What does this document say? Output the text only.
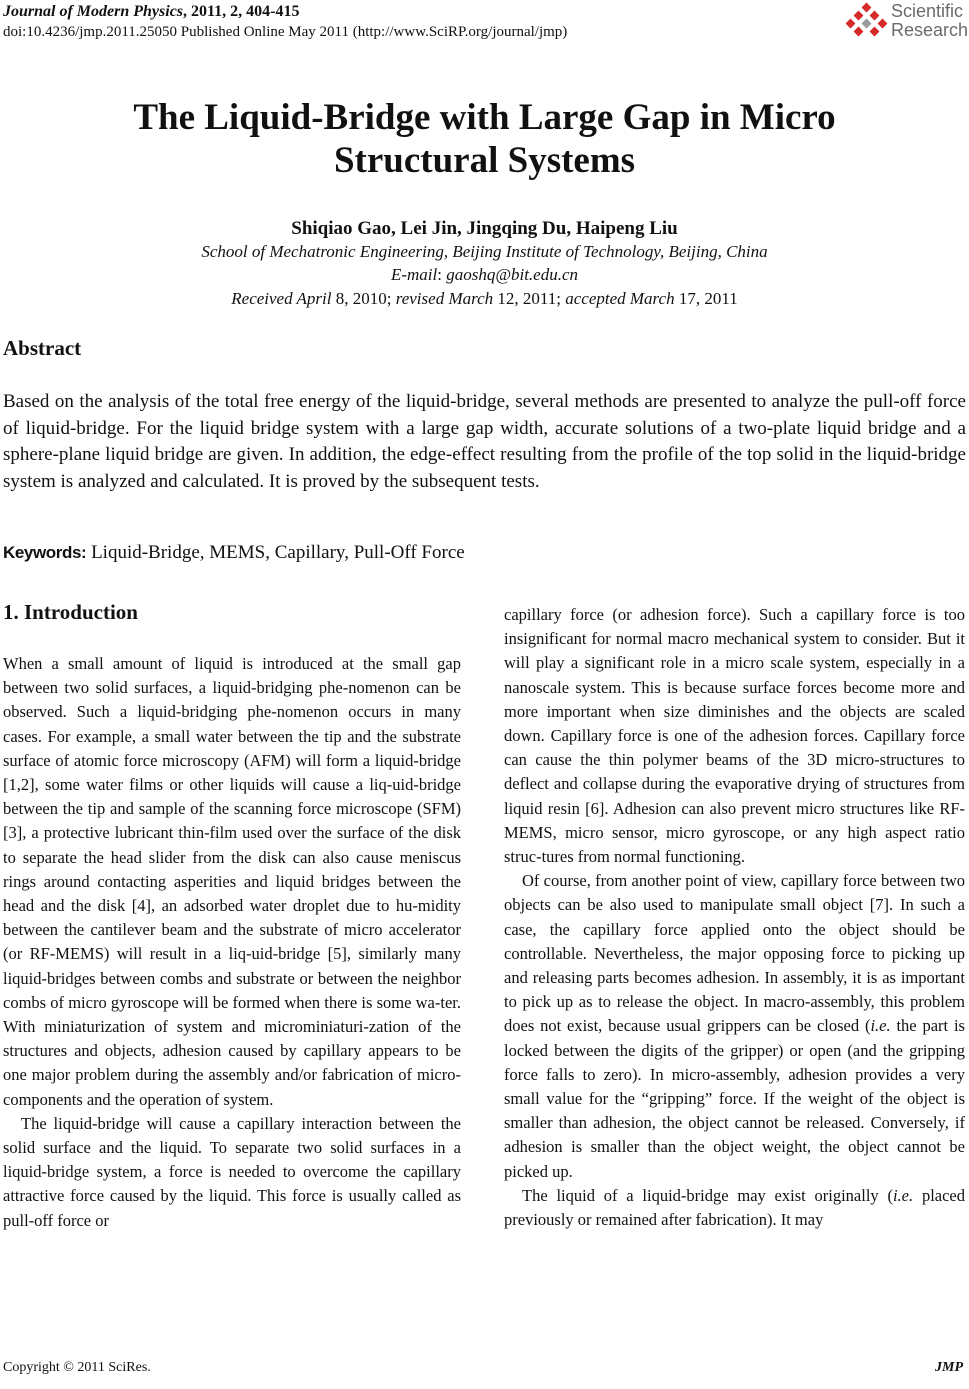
Journal of Modern Physics, 2011, 2, 404-415
doi:10.4236/jmp.2011.25050 Published Online May 2011 (http://www.SciRP.org/journal/jmp)
Scientific
Research
The Liquid-Bridge with Large Gap in Micro
Structural Systems
Shiqiao Gao, Lei Jin, Jingqing Du, Haipeng Liu
School of Mechatronic Engineering, Beijing Institute of Technology, Beijing, China
E-mail: gaoshq@bit.edu.cn
Received April 8, 2010; revised March 12, 2011; accepted March 17, 2011
Abstract
Based on the analysis of the total free energy of the liquid-bridge, several methods are presented to analyze the pull-off force of liquid-bridge. For the liquid bridge system with a large gap width, accurate solutions of a two-plate liquid bridge and a sphere-plane liquid bridge are given. In addition, the edge-effect resulting from the profile of the top solid in the liquid-bridge system is analyzed and calculated. It is proved by the subsequent tests.
Keywords: Liquid-Bridge, MEMS, Capillary, Pull-Off Force
1. Introduction

When a small amount of liquid is introduced at the small gap between two solid surfaces, a liquid-bridging phe-nomenon can be observed. Such a liquid-bridging phe-nomenon occurs in many cases. For example, a small water between the tip and the substrate surface of atomic force microscopy (AFM) will form a liquid-bridge [1,2], some water films or other liquids will cause a liq-uid-bridge between the tip and sample of the scanning force microscope (SFM) [3], a protective lubricant thin-film used over the surface of the disk to separate the head slider from the disk can also cause meniscus rings around contacting asperities and liquid bridges between the head and the disk [4], an adsorbed water droplet due to hu-midity between the cantilever beam and the substrate of micro accelerator (or RF-MEMS) will result in a liq-uid-bridge [5], similarly many liquid-bridges between combs and substrate or between the neighbor combs of micro gyroscope will be formed when there is some wa-ter. With miniaturization of system and microminiaturi-zation of the structures and objects, adhesion caused by capillary appears to be one major problem during the assembly and/or fabrication of micro-components and the operation of system.

The liquid-bridge will cause a capillary interaction between the solid surface and the liquid. To separate two solid surfaces in a liquid-bridge system, a force is needed to overcome the capillary attractive force caused by the liquid. This force is usually called as pull-off force or

capillary force (or adhesion force). Such a capillary force is too insignificant for normal macro mechanical system to consider. But it will play a significant role in a micro scale system, especially in a nanoscale system. This is because surface forces become more and more important when size diminishes and the objects are scaled down. Capillary force is one of the adhesion forces. Capillary force can cause the thin polymer beams of the 3D micro-structures to deflect and collapse during the evaporative drying of structures from liquid resin [6]. Adhesion can also prevent micro structures like RF-MEMS, micro sensor, micro gyroscope, or any high aspect ratio struc-tures from normal functioning.

Of course, from another point of view, capillary force between two objects can be also used to manipulate small object [7]. In such a case, the capillary force applied onto the object should be controllable. Nevertheless, the major opposing force to picking up and releasing parts becomes adhesion. In assembly, it is as important to pick up as to release the object. In macro-assembly, this problem does not exist, because usual grippers can be closed (i.e. the part is locked between the digits of the gripper) or open (and the gripping force falls to zero). In micro-assembly, adhesion provides a very small value for the “gripping” force. If the weight of the object is smaller than adhesion, the object cannot be released. Conversely, if adhesion is smaller than the object weight, the object cannot be picked up.

The liquid of a liquid-bridge may exist originally (i.e. placed previously or remained after fabrication). It may

Copyright © 2011 SciRes.	JMP
